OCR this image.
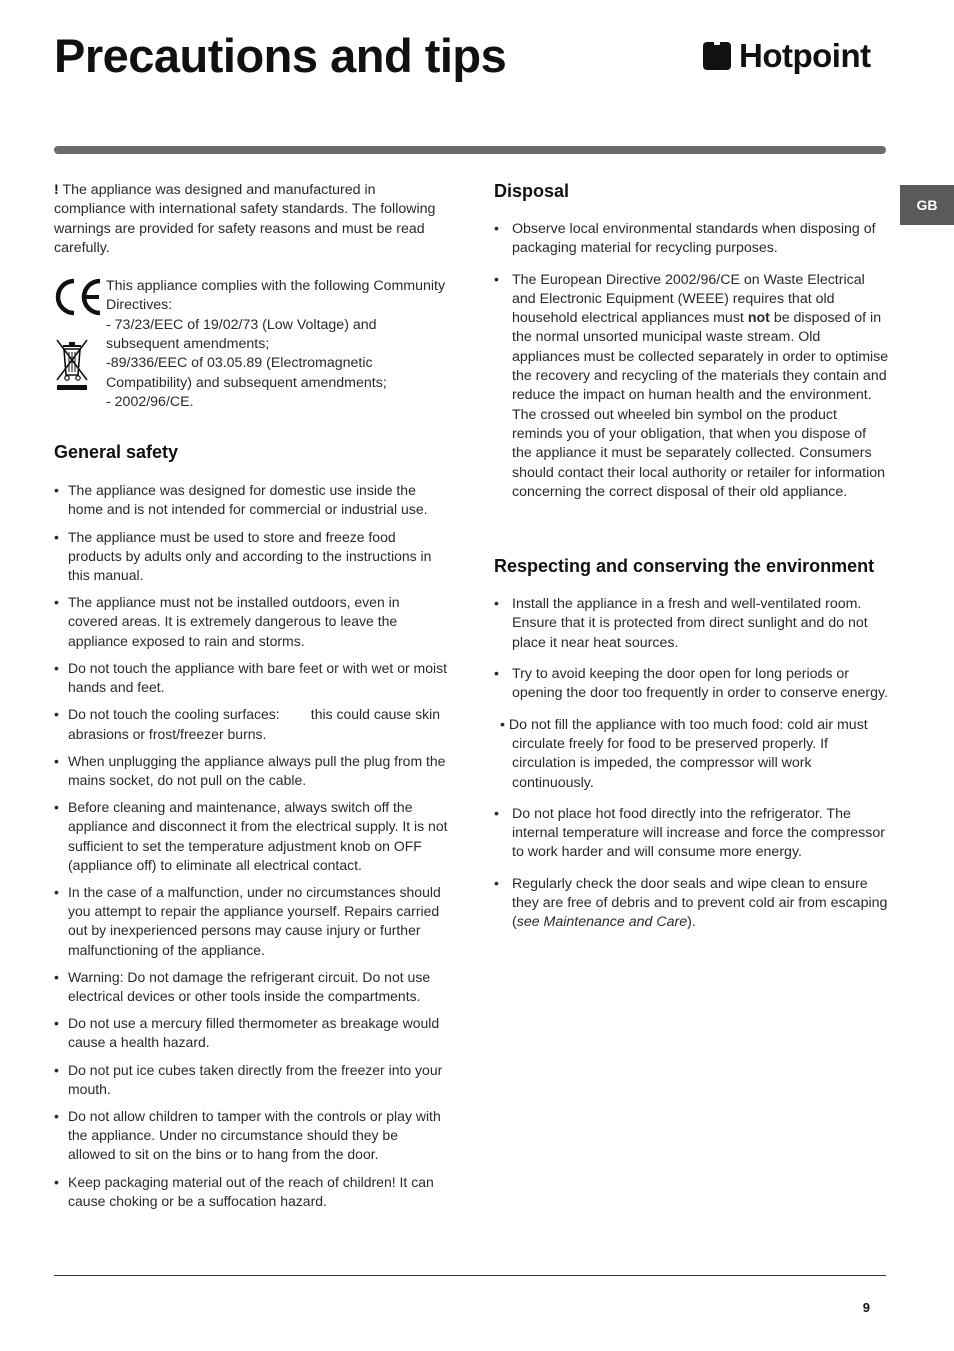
Precautions and tips	Hotpoint
GB

! The appliance was designed and manufactured in compliance with international safety standards. The following warnings are provided for safety reasons and must be read carefully.

This appliance complies with the following Community Directives:
- 73/23/EEC of 19/02/73 (Low Voltage) and subsequent amendments;
-89/336/EEC of 03.05.89 (Electromagnetic Compatibility) and subsequent amendments;
- 2002/96/CE.
General safety
• The appliance was designed for domestic use inside the home and is not intended for commercial or industrial use.
• The appliance must be used to store and freeze food products by adults only and according to the instructions in this manual.
• The appliance must not be installed outdoors, even in covered areas. It is extremely dangerous to leave the appliance exposed to rain and storms.
• Do not touch the appliance with bare feet or with wet or moist hands and feet.
• Do not touch the cooling surfaces:        this could cause skin abrasions or frost/freezer burns.
• When unplugging the appliance always pull the plug from the mains socket, do not pull on the cable.
• Before cleaning and maintenance, always switch off the appliance and disconnect it from the electrical supply. It is not sufficient to set the temperature adjustment knob on OFF (appliance off) to eliminate all electrical contact.
• In the case of a malfunction, under no circumstances should you attempt to repair the appliance yourself. Repairs carried out by inexperienced persons may cause injury or further malfunctioning of the appliance.
• Warning: Do not damage the refrigerant circuit. Do not use electrical devices or other tools inside the compartments.
• Do not use a mercury filled thermometer as breakage would cause a health hazard.
• Do not put ice cubes taken directly from the freezer into your mouth.
• Do not allow children to tamper with the controls or play with the appliance. Under no circumstance should they be allowed to sit on the bins or to hang from the door.
• Keep packaging material out of the reach of children! It can cause choking or be a suffocation hazard.
Disposal
• Observe local environmental standards when disposing of packaging material for recycling purposes.
• The European Directive 2002/96/CE on Waste Electrical and Electronic Equipment (WEEE) requires that old household electrical appliances must not be disposed of in the normal unsorted municipal waste stream. Old appliances must be collected separately in order to optimise the recovery and recycling of the materials they contain and reduce the impact on human health and the environment. The crossed out wheeled bin symbol on the product reminds you of your obligation, that when you dispose of the appliance it must be separately collected. Consumers should contact their local authority or retailer for information concerning the correct disposal of their old appliance.
Respecting and conserving the environment
• Install the appliance in a fresh and well-ventilated room. Ensure that it is protected from direct sunlight and do not place it near heat sources.
• Try to avoid keeping the door open for long periods or opening the door too frequently in order to conserve energy.
• Do not fill the appliance with too much food: cold air must circulate freely for food to be preserved properly. If circulation is impeded, the compressor will work continuously.
• Do not place hot food directly into the refrigerator. The internal temperature will increase and force the compressor to work harder and will consume more energy.
• Regularly check the door seals and wipe clean to ensure they are free of debris and to prevent cold air from escaping (see Maintenance and Care).
9
